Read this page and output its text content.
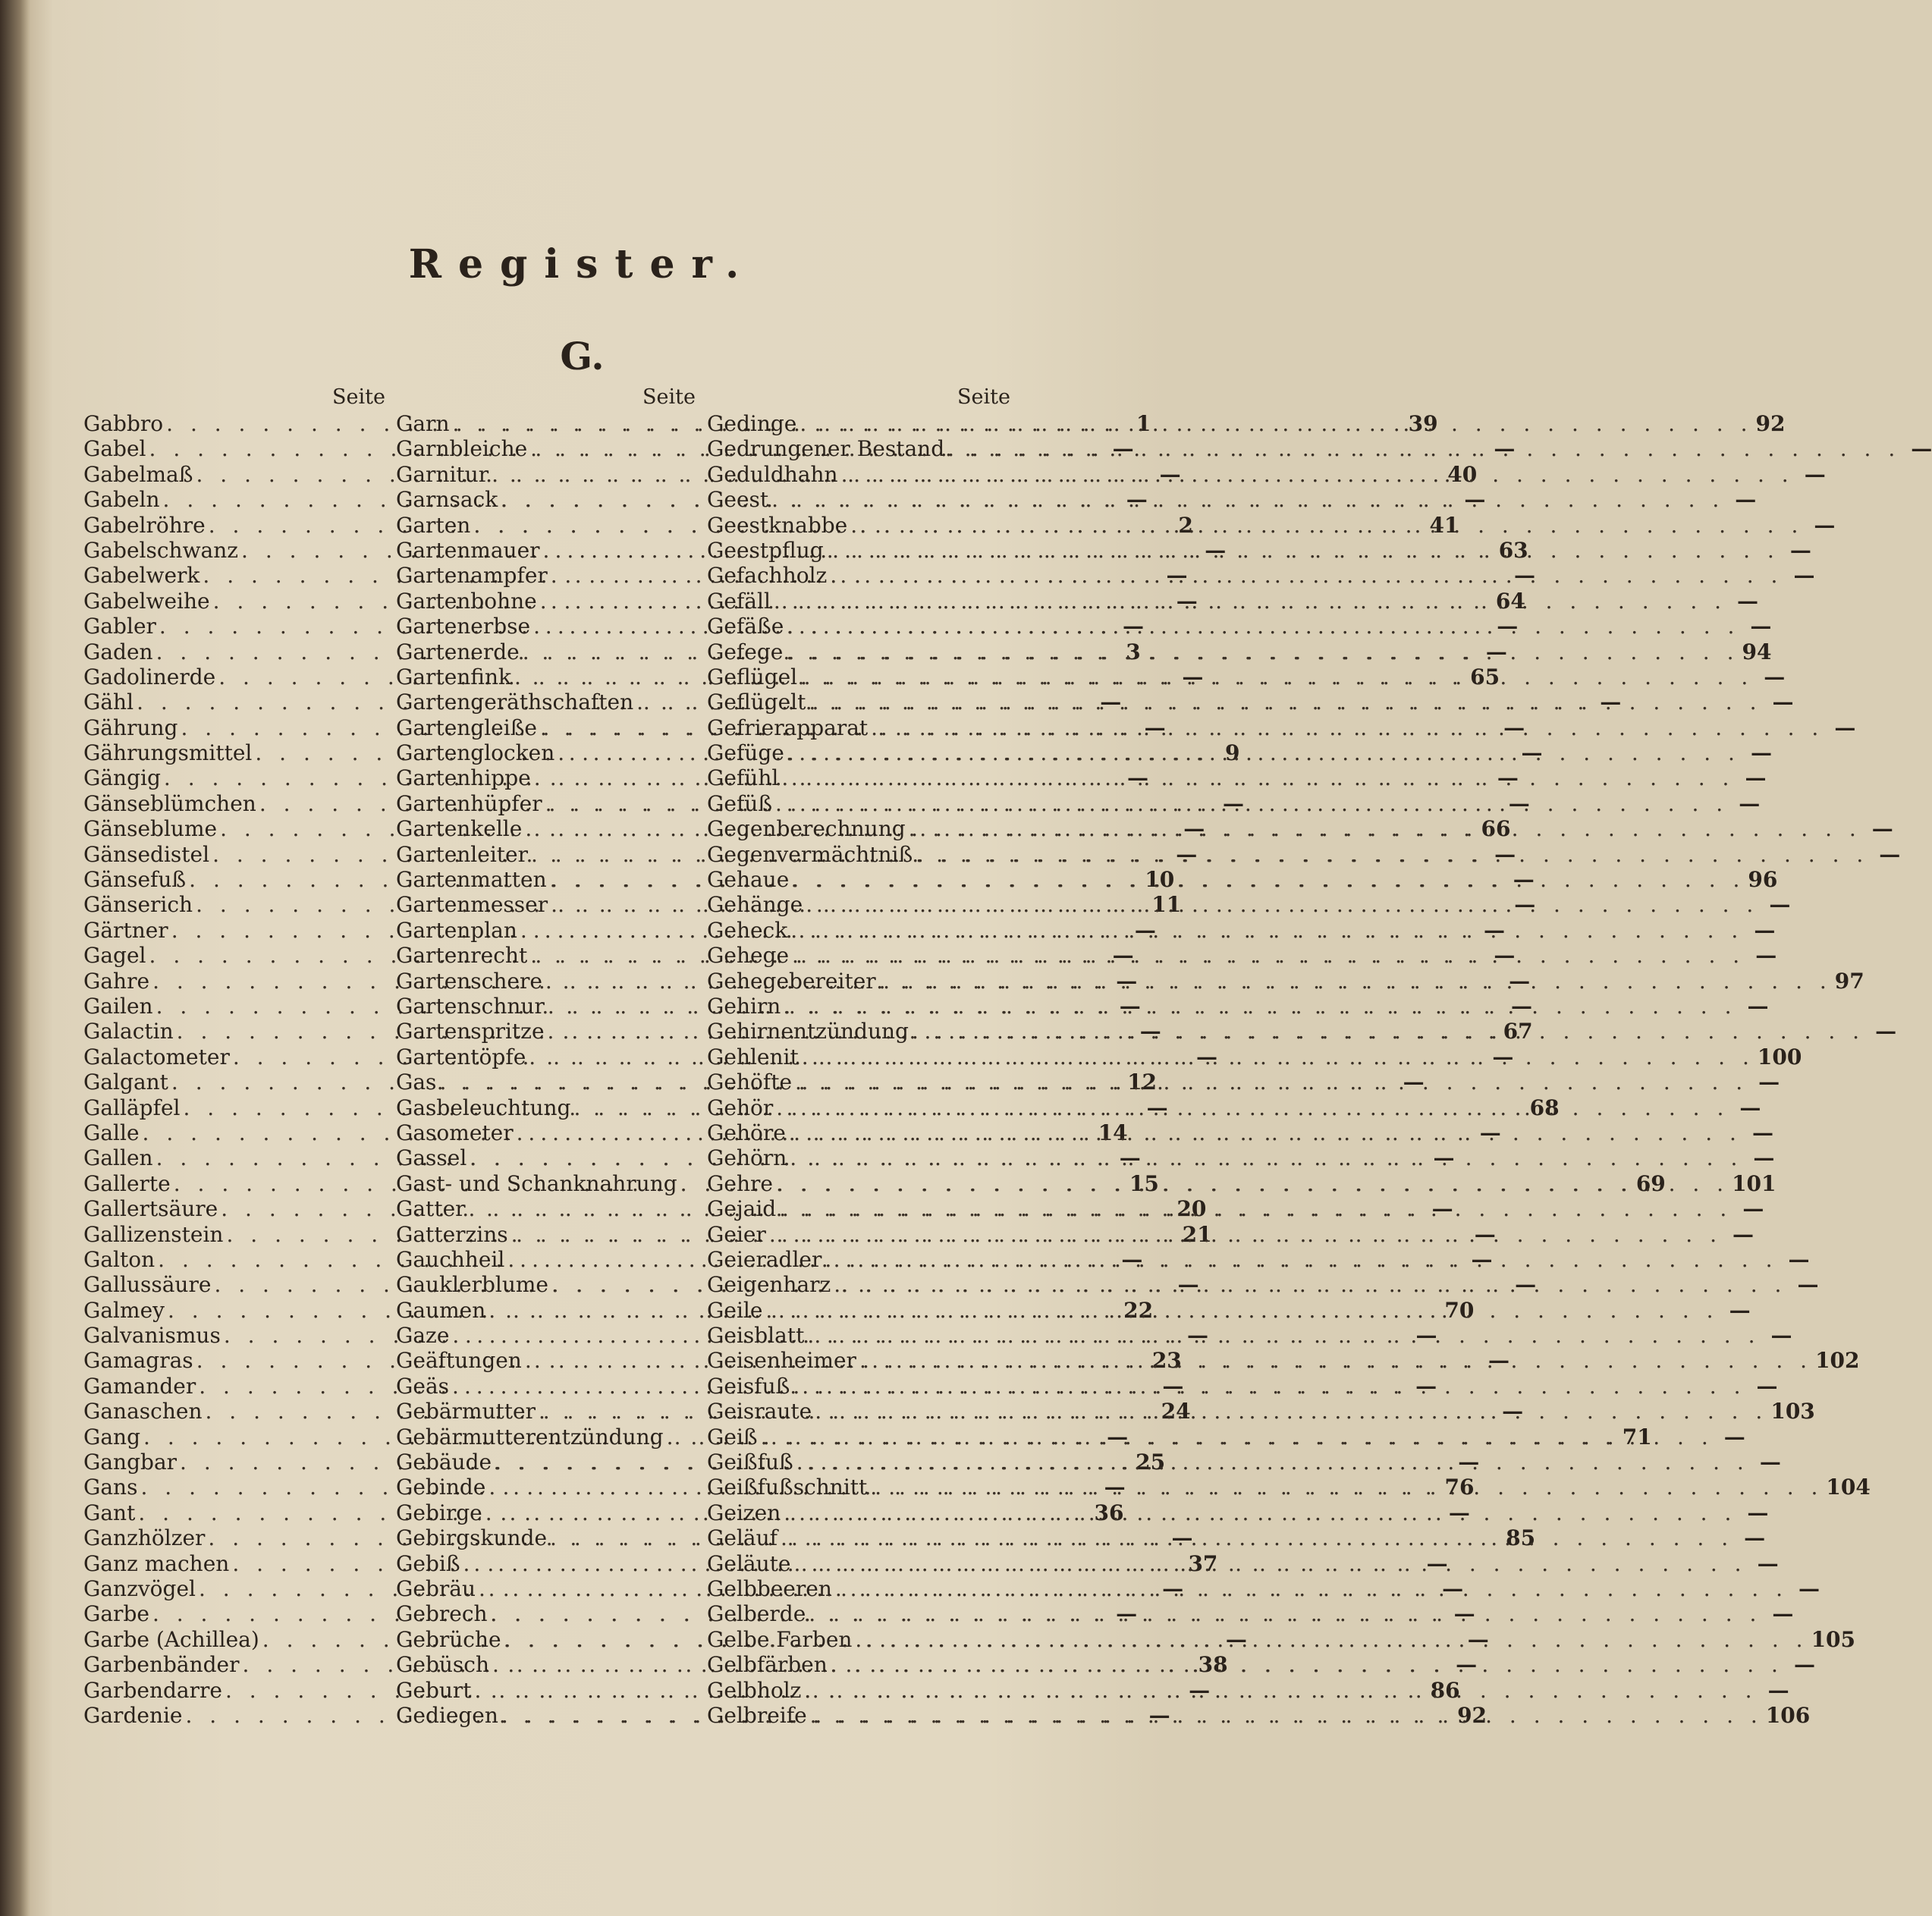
Register.
G.
Seite
Gabbro . . .	1
Gabel . . .	—
Gabelmaß . . .	—
Gabeln . . .	—
Gabelröhre . . .	2
Gabelschwanz . . .	—
Gabelwerk . . .	—
Gabelweihe . . .	—
Gabler . . .	—
Gaden . . .	3
Gadolinerde . . .	—
Gähl . . .	—
Gährung . . .	—
Gährungsmittel . . .	9
Gängig . . .	—
Gänseblümchen . . .	—
Gänseblume . . .	—
Gänsedistel . . .	—
Gänsefuß . . .	10
Gänserich . . .	11
Gärtner . . .	—
Gagel . . .	—
Gahre . . .	—
Gailen . . .	—
Galactin . . .	—
Galactometer . . .	—
Galgant . . .	12
Galläpfel . . .	—
Galle . . .	14
Gallen . . .	—
Gallerte . . .	15
Gallertsäure . . .	20
Gallizenstein . . .	21
Galton . . .	—
Gallussäure . . .	—
Galmey . . .	22
Galvanismus . . .	—
Gamagras . . .	23
Gamander . . .	—
Ganaschen . . .	24
Gang . . .	—
Gangbar . . .	25
Gans . . .	—
Gant . . .	36
Ganzhölzer . . .	—
Ganz machen . . .	37
Ganzvögel . . .	—
Garbe . . .	—
Garbe (Achillea) . . .	—
Garbenbänder . . .	38
Garbendarre . . .	—
Gardenie . . .	—
Seite
Garn . . .	39
Garnbleiche . . .	—
Garnitur . . .	40
Garnsack . . .	—
Garten . . .	41
Gartenmauer . . .	63
Gartenampfer . . .	—
Gartenbohne . . .	64
Gartenerbse . . .	—
Gartenerde . . .	—
Gartenfink . . .	65
Gartengeräthschaften . . .	—
Gartengleiße . . .	—
Gartenglocken . . .	—
Gartenhippe . . .	—
Gartenhüpfer . . .	—
Gartenkelle . . .	66
Gartenleiter . . .	—
Gartenmatten . . .	—
Gartenmesser . . .	—
Gartenplan . . .	—
Gartenrecht . . .	—
Gartenschere . . .	—
Gartenschnur . . .	—
Gartenspritze . . .	67
Gartentöpfe . . .	—
Gas . . .	—
Gasbeleuchtung . . .	68
Gasometer . . .	—
Gassel . . .	—
Gast- und Schanknahrung . . .	69
Gatter . . .	—
Gatterzins . . .	—
Gauchheil . . .	—
Gauklerblume . . .	—
Gaumen . . .	70
Gaze . . .	—
Geäftungen . . .	—
Geäs . . .	—
Gebärmutter . . .	—
Gebärmutterentzündung . . .	71
Gebäude . . .	—
Gebinde . . .	76
Gebirge . . .	—
Gebirgskunde . . .	85
Gebiß . . .	—
Gebräu . . .	—
Gebrech . . .	—
Gebrüche . . .	—
Gebüsch . . .	—
Geburt . . .	86
Gediegen . . .	92
Seite
Gedinge . . .	92
Gedrungener Bestand . . .	—
Geduldhahn . . .	—
Geest . . .	—
Geestknabbe . . .	—
Geestpflug . . .	—
Gefachholz . . .	—
Gefäll . . .	—
Gefäße . . .	—
Gefege . . .	94
Geflügel . . .	—
Geflügelt . . .	—
Gefrierapparat . . .	—
Gefüge . . .	—
Gefühl . . .	—
Gefüß . . .	—
Gegenberechnung . . .	—
Gegenvermächtniß . . .	—
Gehaue . . .	96
Gehänge . . .	—
Geheck . . .	—
Gehege . . .	—
Gehegebereiter . . .	97
Gehirn . . .	—
Gehirnentzündung . . .	—
Gehlenit . . .	100
Gehöfte . . .	—
Gehör . . .	—
Gehöre . . .	—
Gehörn . . .	—
Gehre . . .	101
Gejaid . . .	—
Geier . . .	—
Geieradler . . .	—
Geigenharz . . .	—
Geile . . .	—
Geisblatt . . .	—
Geisenheimer . . .	102
Geisfuß . . .	—
Geisraute . . .	103
Geiß . . .	—
Geißfuß . . .	—
Geißfußschnitt . . .	104
Geizen . . .	—
Geläuf . . .	—
Geläute . . .	—
Gelbbeeren . . .	—
Gelberde . . .	—
Gelbe Farben . . .	105
Gelbfärben . . .	—
Gelbholz . . .	—
Gelbreife . . .	106
